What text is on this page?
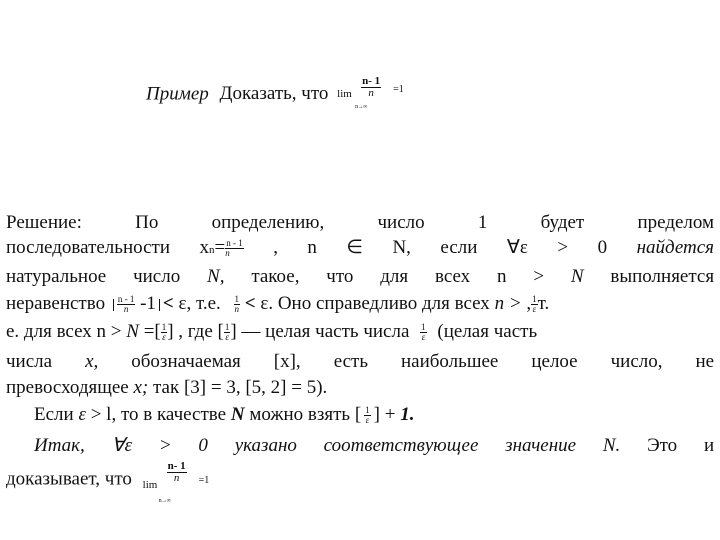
Пример Доказать, что lim
n→∞
$\frac{n- 1}{n} =1$
Решение:	По	определению,	число	1	будет	пределом
последовательности $xn= \frac{n - 1}{n}$ , n ∈ N, если ∀ε > 0 найдется
натуральное число N, такое, что для всех n > N выполняется
неравенство $\frac{n - 1}{n} -1 < \varepsilon$, т.е. $\frac{1}{n} < \varepsilon$. Оно справедливо для всех n > , $\frac{1}{\varepsilon} т$.
е. для всех n > N =[ $\frac{1}{\varepsilon}$ ] , где [ $\frac{1}{\varepsilon}$ ] — целая часть числа $\frac{1}{\varepsilon}$ (целая часть
числа x, обозначаемая [x], есть наибольшее целое число, не
превосходящее x; так [3] = 3, [5, 2] = 5).
Если ε > l, то в качестве N можно взять [ $\frac{1}{\varepsilon}$ ] + 1.
Итак, ∀ε > 0 указано соответствующее значение N. Это и
доказывает, что lim
n→∞
$\frac{n- 1}{n} =1$
